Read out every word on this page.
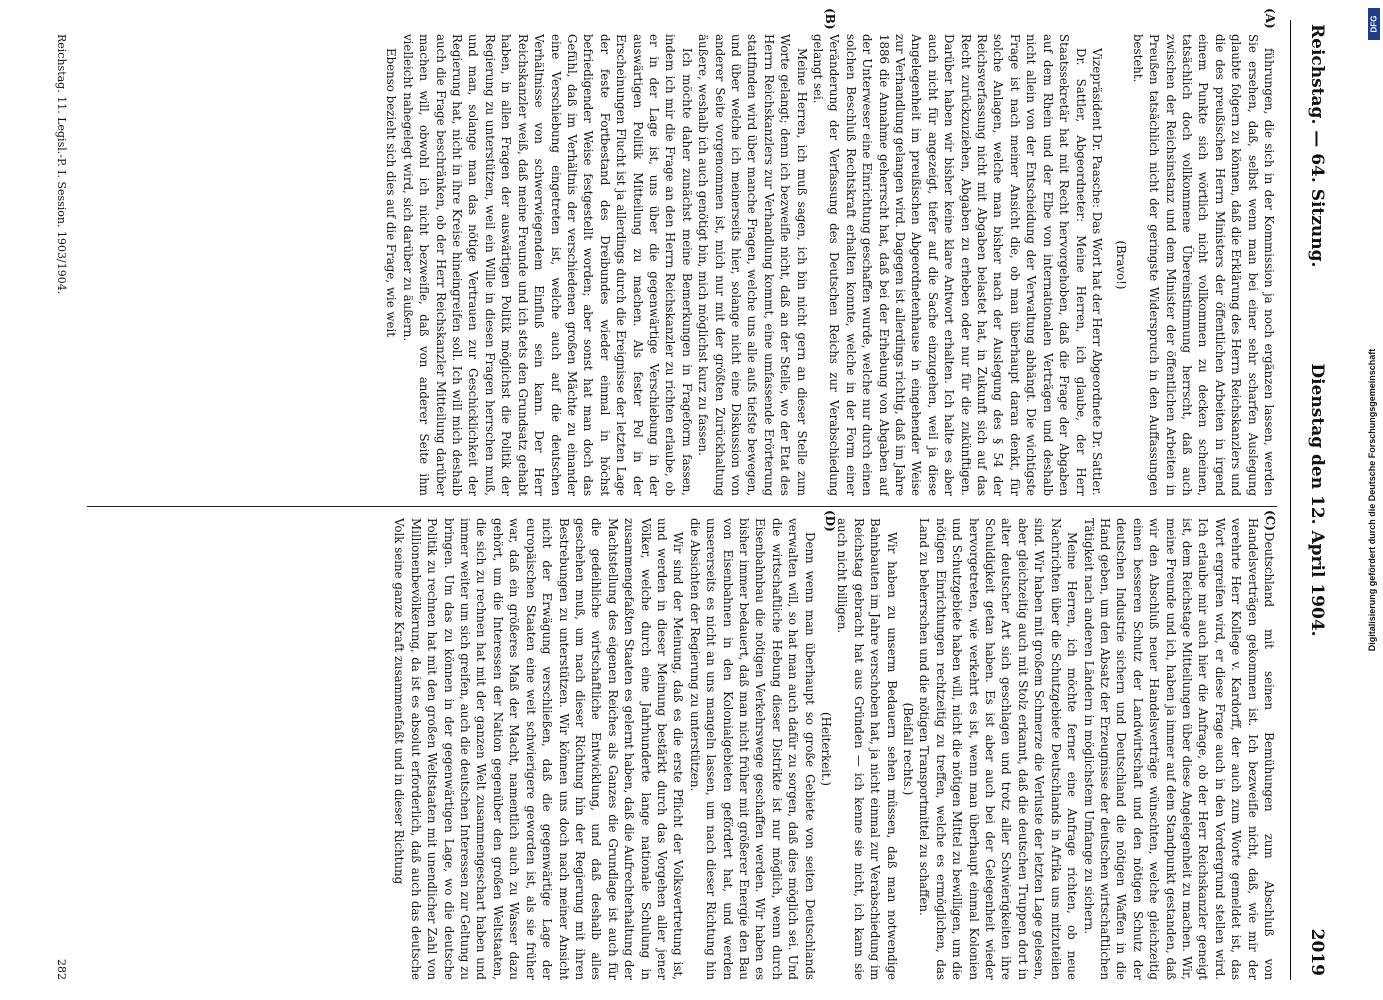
Reichstag. — 64. Sitzung.
Dienstag den 12. April 1904.
2019

führungen, die sich in der Kommission ja noch ergänzen lassen, werden Sie ersehen, daß, selbst wenn man bei einer sehr scharfen Auslegung glaubte folgern zu können, daß die Erklärung des Herrn Reichskanzlers und die des preußischen Herrn Ministers der öffentlichen Arbeiten in irgend einem Punkte sich wörtlich nicht vollkommen zu decken scheinen, tatsächlich doch vollkommene Übereinstimmung herrscht, daß auch zwischen der Reichsinstanz und dem Minister der öffentlichen Arbeiten in Preußen tatsächlich nicht der geringste Widerspruch in den Auffassungen besteht.

(Bravo!)

Vizepräsident Dr. Paasche: Das Wort hat der Herr Abgeordnete Dr. Sattler.

Dr. Sattler, Abgeordneter: Meine Herren, ich glaube, der Herr Staatssekretär hat mit Recht hervorgehoben, daß die Frage der Abgaben auf dem Rhein und der Elbe von internationalen Verträgen und deshalb nicht allein von der Entscheidung der Verwaltung abhängt. Die wichtigste Frage ist nach meiner Ansicht die, ob man überhaupt daran denkt, für solche Anlagen, welche man bisher nach der Auslegung des § 54 der Reichsverfassung nicht mit Abgaben belastet hat, in Zukunft sich auf das Recht zurückzuziehen, Abgaben zu erheben oder nur für die zukünftigen. Darüber haben wir bisher keine klare Antwort erhalten. Ich halte es aber auch nicht für angezeigt, tiefer auf die Sache einzugehen, weil ja diese Angelegenheit im preußischen Abgeordnetenhause in eingehender Weise zur Verhandlung gelangen wird. Dagegen ist allerdings richtig, daß im Jahre 1886 die Annahme geherrscht hat, daß bei der Erhebung von Abgaben auf der Unterweser eine Einrichtung geschaffen wurde, welche nur durch einen solchen Beschluß Rechtskraft erhalten konnte, welche in der Form einer Veränderung der Verfassung des Deutschen Reichs zur Verabschiedung gelangt sei.

Meine Herren, ich muß sagen, ich bin nicht gern an dieser Stelle zum Worte gelangt; denn ich bezweifle nicht, daß an der Stelle, wo der Etat des Herrn Reichskanzlers zur Verhandlung kommt, eine umfassende Erörterung stattfinden wird über manche Fragen, welche uns alle aufs tiefste bewegen, und über welche ich meinerseits hier, solange nicht eine Diskussion von anderer Seite vorgenommen ist, mich nur mit der größten Zurückhaltung äußere, weshalb ich auch genötigt bin, mich möglichst kurz zu fassen.

Ich möchte daher zunächst meine Bemerkungen in Frageform fassen, indem ich mir die Frage an den Herrn Reichskanzler zu richten erlaube, ob er in der Lage ist, uns über die gegenwärtige Verschiebung in der auswärtigen Politik Mitteilung zu machen. Als fester Pol in der Erscheinungen Flucht ist ja allerdings durch die Ereignisse der letzten Lage der feste Fortbestand des Dreibundes wieder einmal in höchst befriedigender Weise festgestellt worden; aber sonst hat man doch das Gefühl, daß im Verhältnis der verschiedenen großen Mächte zu einander eine Verschiebung eingetreten ist, welche auch auf die deutschen Verhältnisse von schwerwiegendem Einfluß sein kann. Der Herr Reichskanzler weiß, daß meine Freunde und ich stets den Grundsatz gehabt haben, in allen Fragen der auswärtigen Politik möglichst die Politik der Regierung zu unterstützen, weil ein Wille in diesen Fragen herrschen muß, und man, solange man das nötige Vertrauen zur Geschicklichkeit der Regierung hat, nicht in ihre Kreise hineingreifen soll. Ich will mich deshalb auch die Frage beschränken, ob der Herr Reichskanzler Mitteilung darüber machen will, obwohl ich nicht bezweifle, daß von anderer Seite ihm vielleicht nahegelegt wird, sich darüber zu äußern.

Ebenso bezieht sich dies auf die Frage, wie weit

Deutschland mit seinen Bemühungen zum Abschluß von Handelsverträgen gekommen ist. Ich bezweifle nicht, daß, wie mir der verehrte Herr Kollege v. Kardorff, der auch zum Worte gemeldet ist, das Wort ergreifen wird, er diese Frage auch in den Vordergrund stellen wird. Ich erlaube mir auch hier die Anfrage, ob der Herr Reichskanzler geneigt ist, dem Reichstage Mitteilungen über diese Angelegenheit zu machen. Wir, meine Freunde und ich, haben ja immer auf dem Standpunkt gestanden, daß wir den Abschluß neuer Handelsverträge wünschten, welche gleichzeitig einen besseren Schutz der Landwirtschaft und den nötigen Schutz der deutschen Industrie sichern und Deutschland die nötigen Waffen in die Hand geben, um den Absatz der Erzeugnisse der deutschen wirtschaftlichen Tätigkeit nach anderen Ländern in möglichstem Umfange zu sichern.

Meine Herren, ich möchte ferner eine Anfrage richten, ob neue Nachrichten über die Schutzgebiete Deutschlands in Afrika uns mitzuteilen sind. Wir haben mit großem Schmerze die Verluste der letzten Lage gelesen, aber gleichzeitig auch mit Stolz erkannt, daß die deutschen Truppen dort in alter deutscher Art sich geschlagen und trotz aller Schwierigkeiten ihre Schuldigkeit getan haben. Es ist aber auch bei der Gelegenheit wieder hervorgetreten, wie verkehrt es ist, wenn man überhaupt einmal Kolonien und Schutzgebiete haben will, nicht die nötigen Mittel zu bewilligen, um die nötigen Einrichtungen rechtzeitig zu treffen, welche es ermöglichen, das Land zu beherrschen und die nötigen Transportmittel zu schaffen.

(Beifall rechts.)

Wir haben zu unserm Bedauern sehen müssen, daß man notwendige Bahnbauten im Jahre verschoben hat, ja nicht einmal zur Verabschiedung im Reichstag gebracht hat aus Gründen — ich kenne sie nicht, ich kann sie auch nicht billigen.

(Heiterkeit.)

Denn wenn man überhaupt so große Gebiete von seiten Deutschlands verwalten will, so hat man auch dafür zu sorgen, daß dies möglich sei. Und die wirtschaftliche Hebung dieser Distrikte ist nur möglich, wenn durch Eisenbahnbau die nötigen Verkehrswege geschaffen werden. Wir haben es bisher immer bedauert, daß man nicht früher mit größerer Energie den Bau von Eisenbahnen in den Kolonialgebieten gefördert hat, und werden unsererseits es nicht an uns mangeln lassen, um nach dieser Richtung hin die Absichten der Regierung zu unterstützen.

Wir sind der Meinung, daß es die erste Pflicht der Volksvertretung ist, und werden in dieser Meinung bestärkt durch das Vorgehen aller jener Völker, welche durch eine Jahrhunderte lange nationale Schulung in zusammengefaßten Staaten es gelernt haben, daß die Aufrechterhaltung der Machtstellung des eigenen Reiches als Ganzes die Grundlage ist auch für die gedeihliche wirtschaftliche Entwicklung, und daß deshalb alles geschehen muß, um nach dieser Richtung hin der Regierung mit ihren Bestrebungen zu unterstützen. Wir können uns doch nach meiner Ansicht nicht der Erwägung verschließen, daß die gegenwärtige Lage der europäischen Staaten eine weit schwierigere geworden ist, als sie früher war, daß ein größeres Maß der Macht, namentlich auch zu Wasser dazu gehört, um die Interessen der Nation gegenüber den großen Weltstaaten, die sich zu rechnen hat mit der ganzen Welt zusammengeschart haben und immer weiter um sich greifen, auch die deutschen Interessen zur Geltung zu bringen. Um das zu können in der gegenwärtigen Lage, wo die deutsche Politik zu rechnen hat mit den großen Weltstaaten mit unendlicher Zahl von Millionenbevölkerung, da ist es absolut erforderlich, daß auch das deutsche Volk seine ganze Kraft zusammenfaßt und in dieser Richtung

(A)
(B)
(C)
(D)
Reichstag. 11. Legisl.-P. I. Session. 1903/1904.
282
Digitalisierung gefördert durch die Deutsche Forschungsgemeinschaft
DFG
